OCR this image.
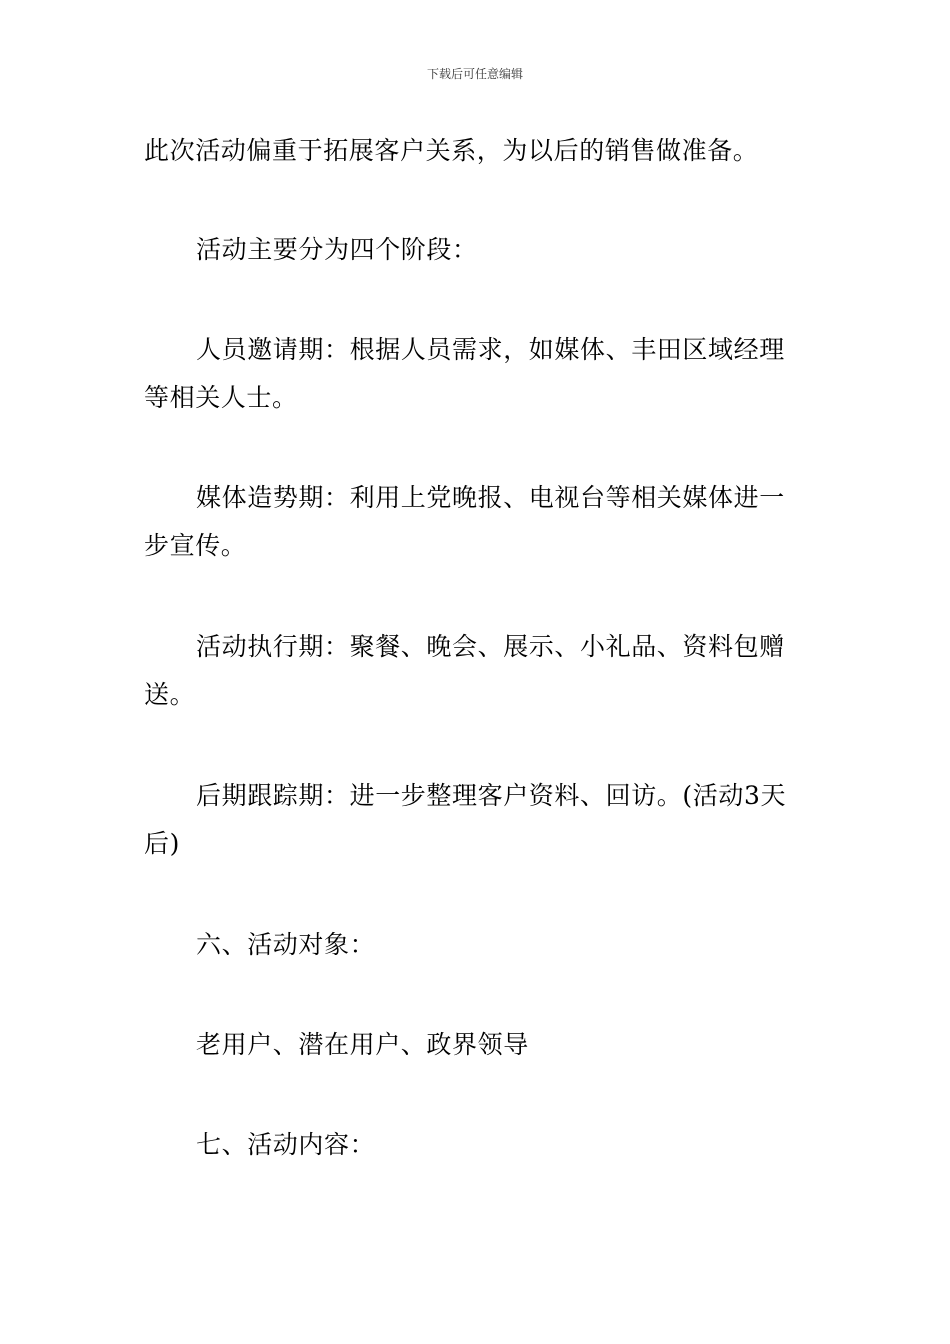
下载后可任意编辑

此次活动偏重于拓展客户关系，为以后的销售做准备。

活动主要分为四个阶段：

人员邀请期：根据人员需求，如媒体、丰田区域经理等相关人士。

媒体造势期：利用上党晚报、电视台等相关媒体进一步宣传。

活动执行期：聚餐、晚会、展示、小礼品、资料包赠送。

后期跟踪期：进一步整理客户资料、回访。(活动3天后)

六、活动对象：

老用户、潜在用户、政界领导

七、活动内容：
